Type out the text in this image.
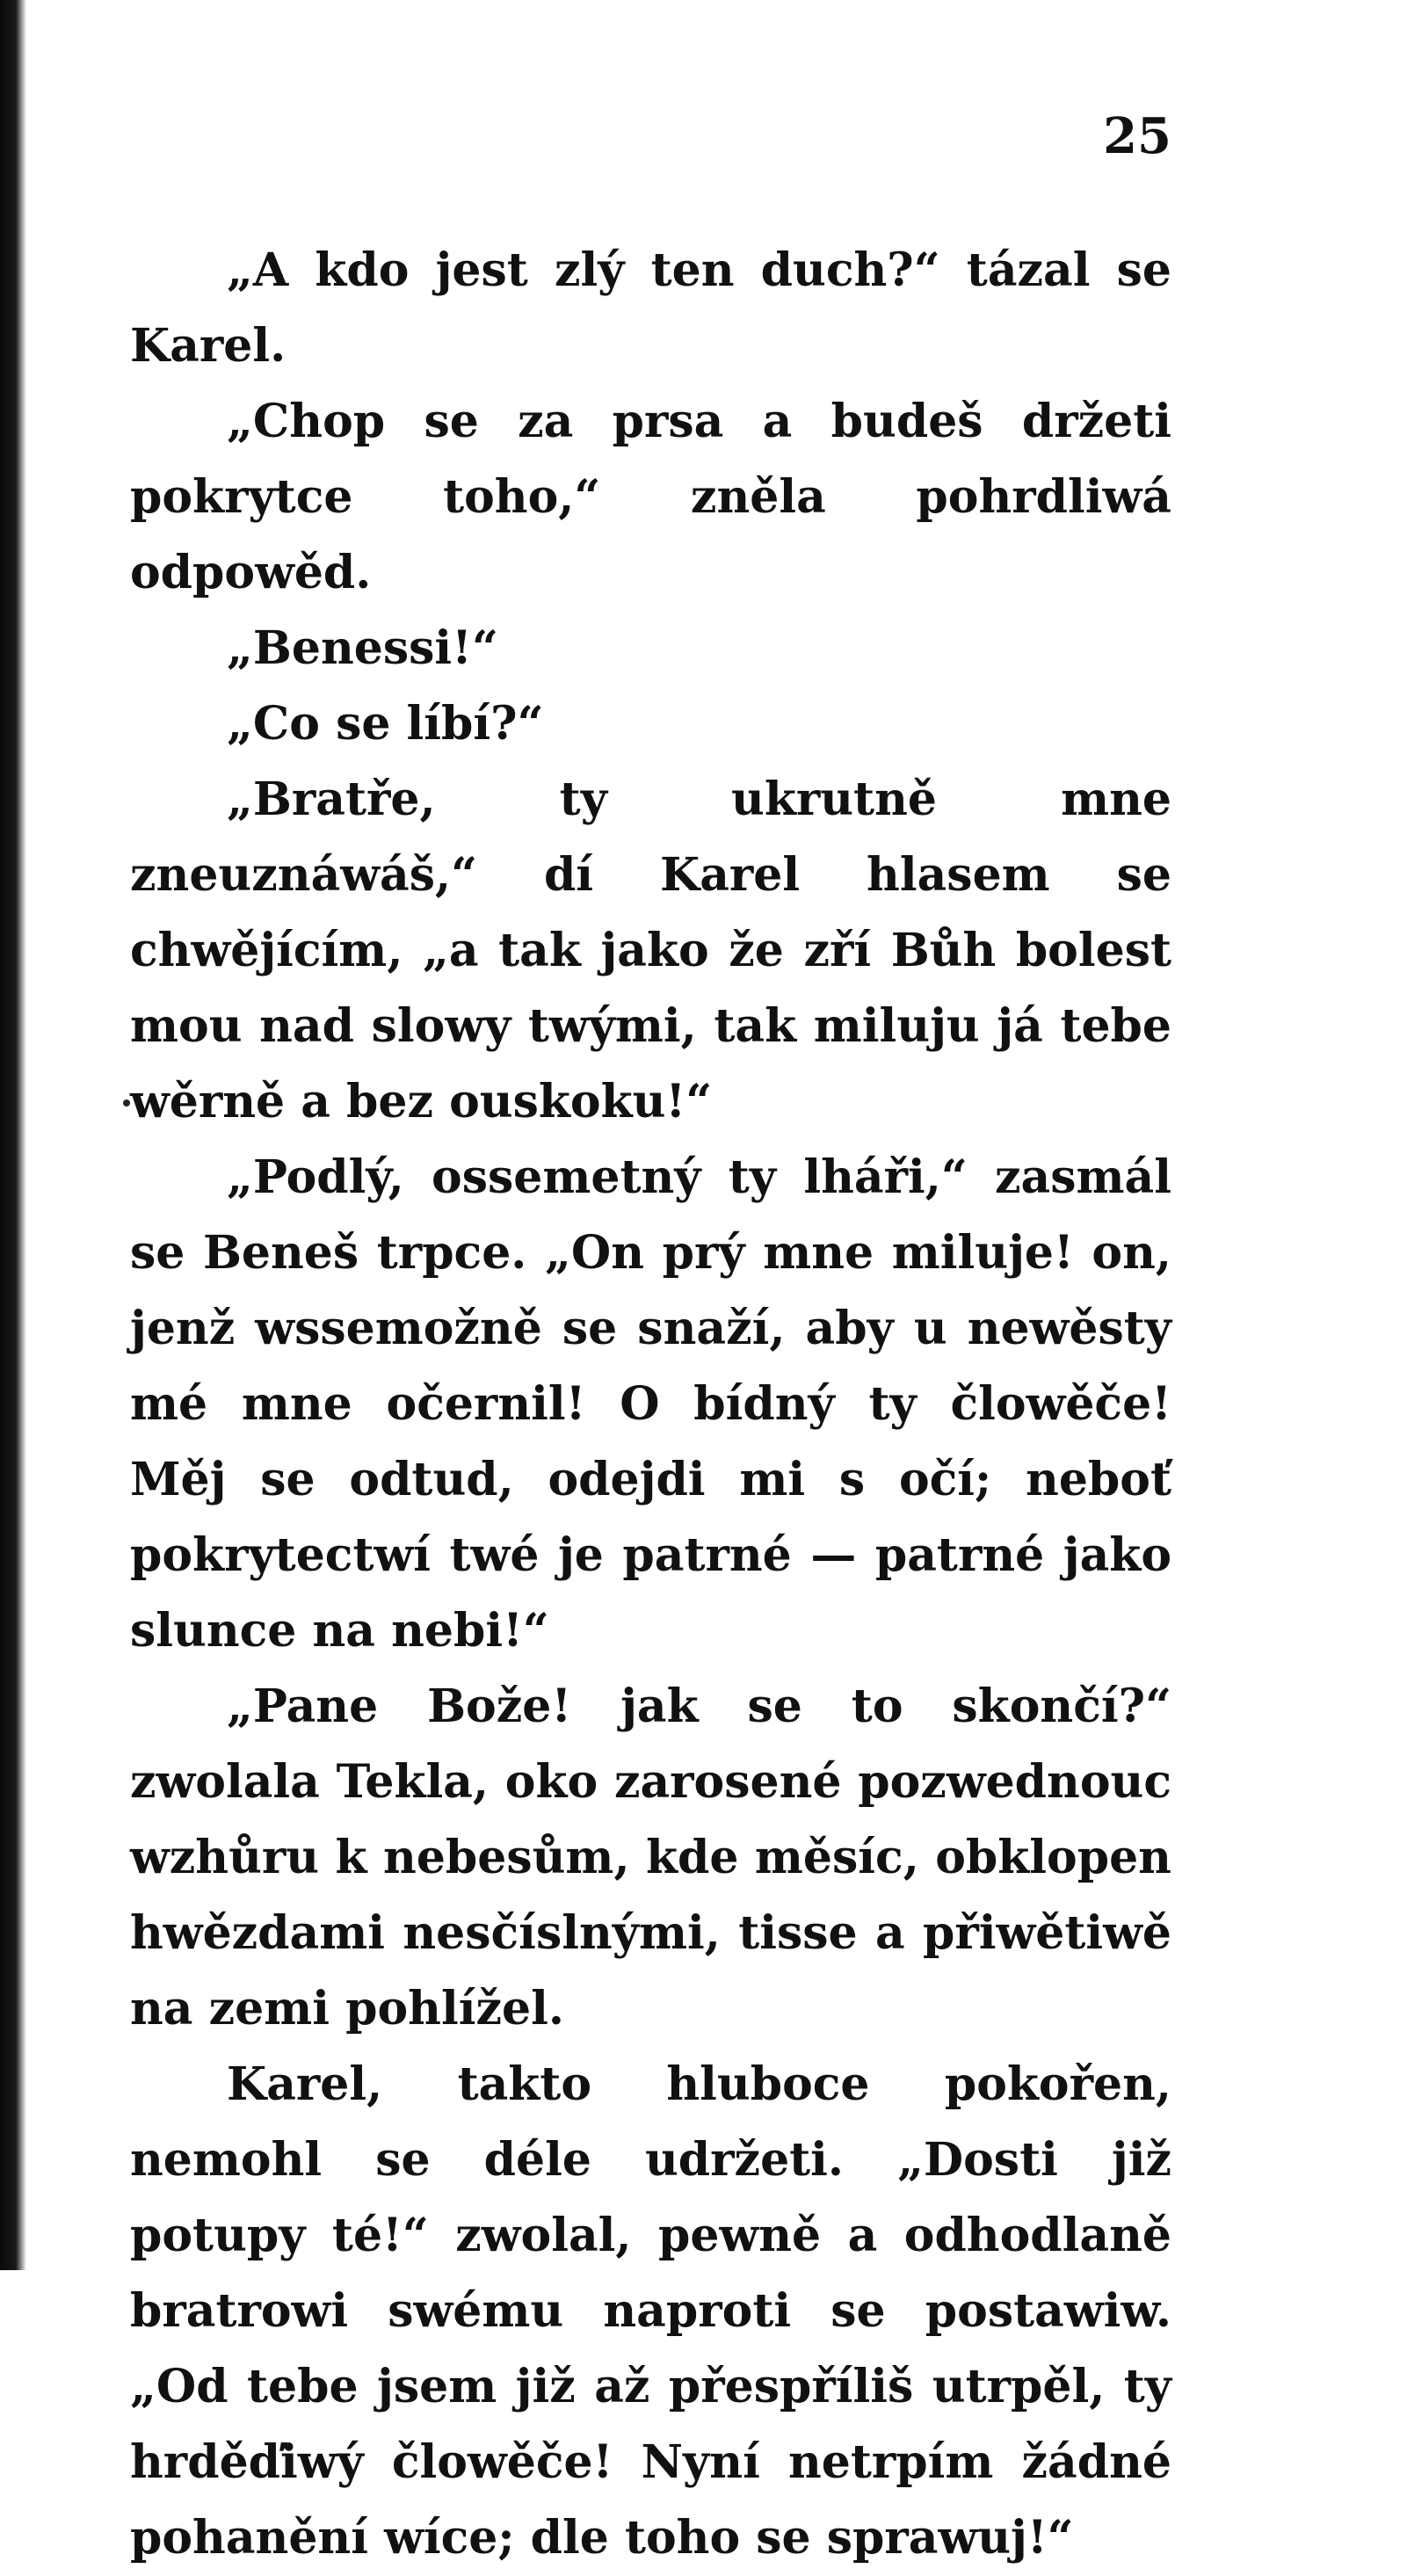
25

„A kdo jest zlý ten duch?“ tázal se Karel.

„Chop se za prsa a budeš držeti pokrytce toho,“ zněla pohrdliwá odpowěd.

„Benessi!“

„Co se líbí?“

„Bratře, ty ukrutně mne zneuznáwáš,“ dí Karel hlasem se chwějícím, „a tak jako že zří Bůh bolest mou nad slowy twými, tak miluju já tebe wěrně a bez ouskoku!“

„Podlý, ossemetný ty lháři,“ zasmál se Beneš trpce. „On prý mne miluje! on, jenž wssemožně se snaží, aby u newěsty mé mne očernil! O bídný ty člowěče! Měj se odtud, odejdi mi s očí; neboť pokrytectwí twé je patrné — patrné jako slunce na nebi!“

„Pane Bože! jak se to skončí?“ zwolala Tekla, oko zarosené pozwednouc wzhůru k nebesům, kde měsíc, obklopen hwězdami nesčíslnými, tisse a přiwětiwě na zemi pohlížel.

Karel, takto hluboce pokořen, nemohl se déle udržeti. „Dosti již potupy té!“ zwolal, pewně a odhodlaně bratrowi swému naproti se postawiw. „Od tebe jsem již až přespříliš utrpěl, ty hrděďiwý člowěče! Nyní netrpím žádné pohanění wíce; dle toho se sprawuj!“
